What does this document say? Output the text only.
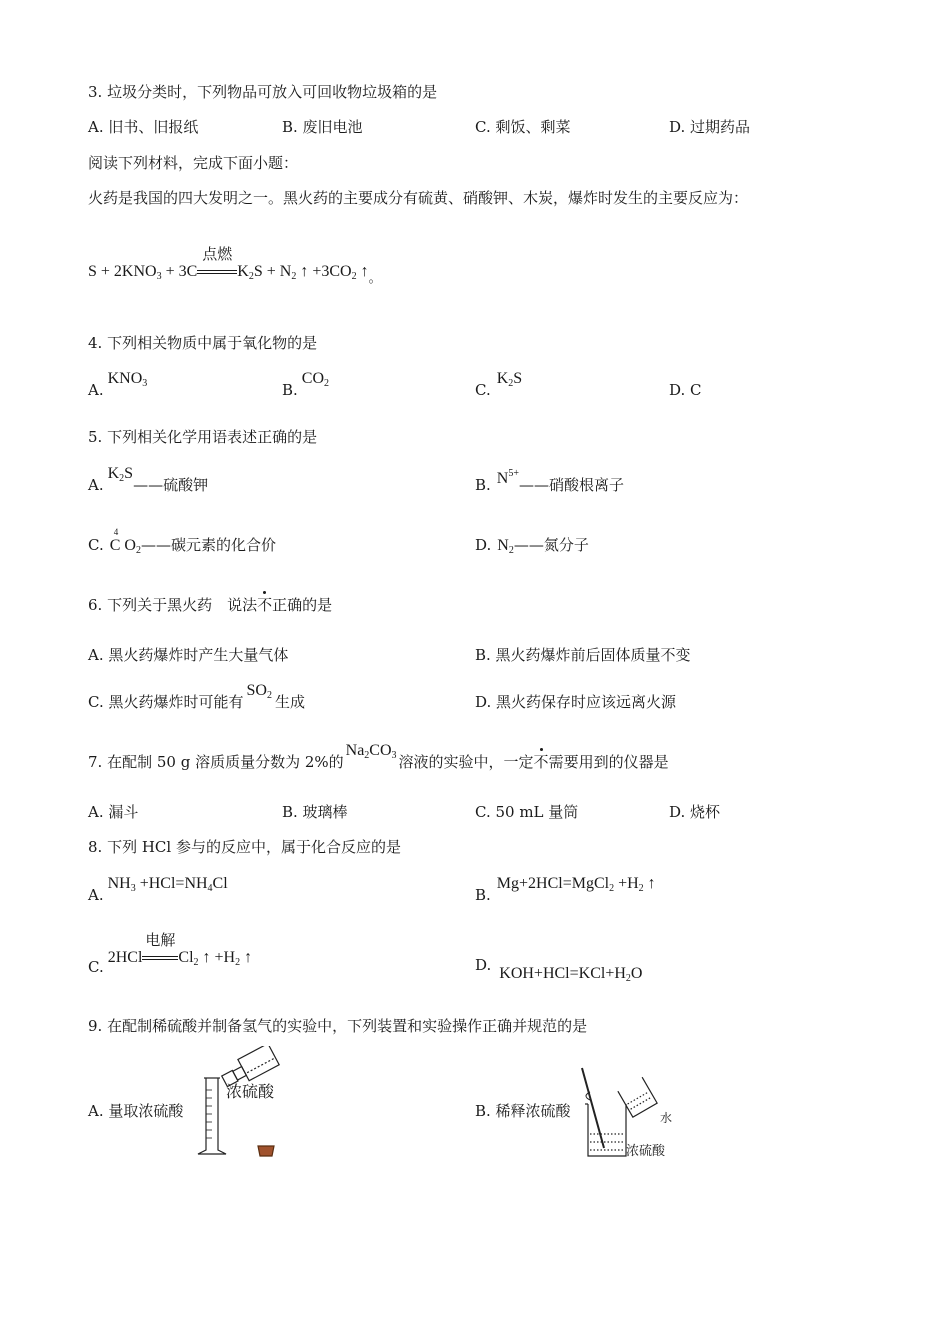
3. 垃圾分类时，下列物品可放入可回收物垃圾箱的是
A. 旧书、旧报纸	B. 废旧电池	C. 剩饭、剩菜	D. 过期药品
阅读下列材料，完成下面小题：
火药是我国的四大发明之一。黑火药的主要成分有硫黄、硝酸钾、木炭，爆炸时发生的主要反应为：
$S + 2KNO_3 + 3C$
点燃
$K_2S + N_2$ ↑ $+3CO_2$ $↑_。$
4. 下列相关物质中属于氧化物的是
$A.KNO_3$	$B.CO_2$	$C.K_2S$
D. C
5. 下列相关化学用语表述正确的是
$A.K_2S——$硫酸钾	B. $N^{5+}——$硝酸根离子
C. C
4
$O_2——$碳元素的化合价	D. $N_2——$氮分子
6. 下列关于黑火药　说法不正确的是
A. 黑火药爆炸时产生大量气体	B. 黑火药爆炸前后固体质量不变
C. 黑火药爆炸时可能有$SO_2$ 生成	D. 黑火药保存时应该远离火源
7. 在配制 50 g 溶质质量分数为 2%的$Na_2CO_3$ 溶液的实验中，一定不需要用到的仪器是
A. 漏斗	B. 玻璃棒	C. 50 mL 量筒	D. 烧杯
8. 下列 HCl 参与的反应中，属于化合反应的是
$A.NH_3 +HCl=NH_4Cl$
B.Mg+2HCl=MgCl$_2$ $+H_2$ ↑
C.2HCl
电解
$Cl_2$ ↑ $+H_2$ ↑	D. $KOH+HCl=KCl+H_2O$
9. 在配制稀硫酸并制备氢气的实验中，下列装置和实验操作正确并规范的是
A. 量取浓硫酸
浓硫酸
B. 稀释浓硫酸	水
浓硫酸
